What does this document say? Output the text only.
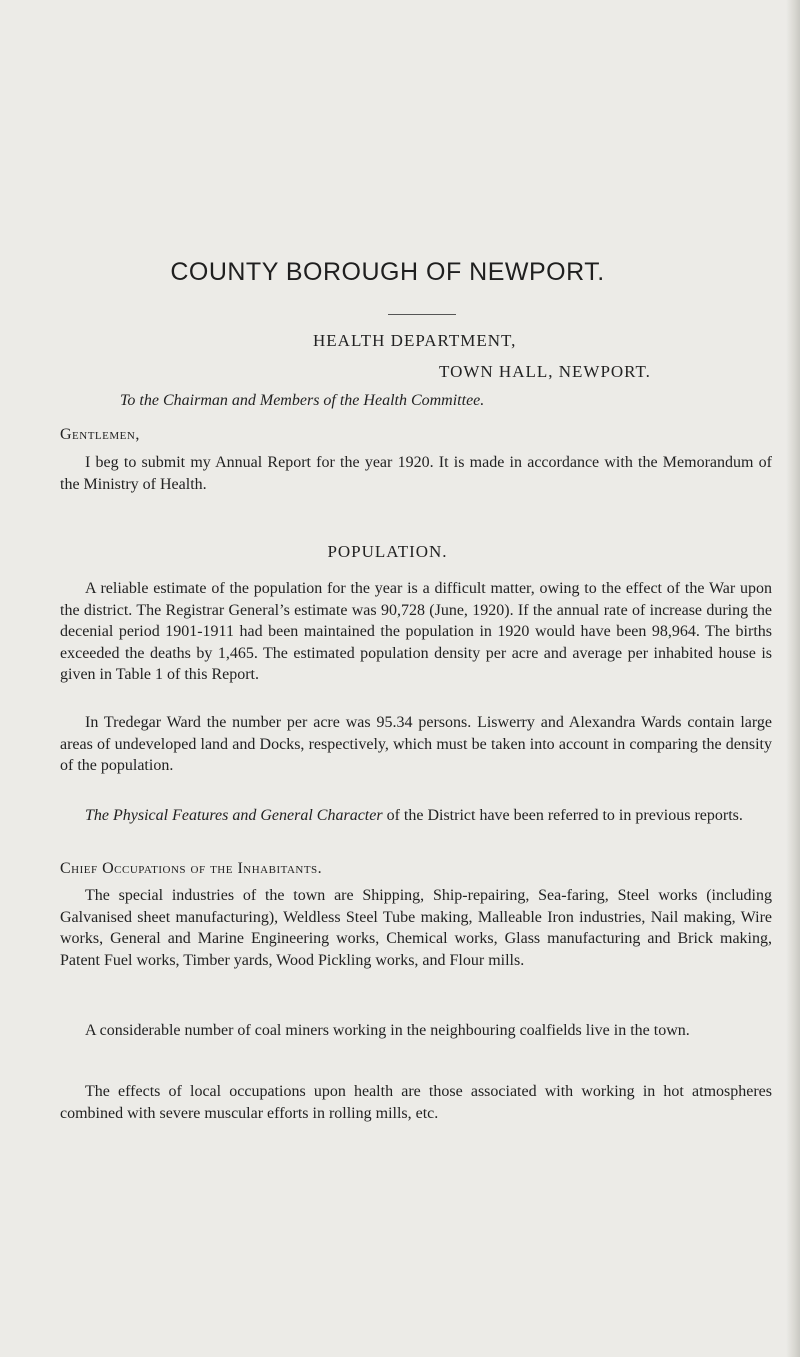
COUNTY BOROUGH OF NEWPORT.
HEALTH DEPARTMENT,
TOWN HALL, NEWPORT.
To the Chairman and Members of the Health Committee.
Gentlemen,

I beg to submit my Annual Report for the year 1920. It is made in accordance with the Memorandum of the Ministry of Health.

POPULATION.

A reliable estimate of the population for the year is a difficult matter, owing to the effect of the War upon the district. The Registrar General’s estimate was 90,728 (June, 1920). If the annual rate of increase during the decenial period 1901-1911 had been maintained the population in 1920 would have been 98,964. The births exceeded the deaths by 1,465. The estimated population density per acre and average per inhabited house is given in Table 1 of this Report.

In Tredegar Ward the number per acre was 95.34 persons. Liswerry and Alexandra Wards contain large areas of undeveloped land and Docks, respectively, which must be taken into account in comparing the density of the population.

The Physical Features and General Character of the District have been referred to in previous reports.

Chief Occupations of the Inhabitants.

The special industries of the town are Shipping, Ship-repairing, Sea-faring, Steel works (including Galvanised sheet manufacturing), Weldless Steel Tube making, Malleable Iron industries, Nail making, Wire works, General and Marine Engineering works, Chemical works, Glass manufacturing and Brick making, Patent Fuel works, Timber yards, Wood Pickling works, and Flour mills.

A considerable number of coal miners working in the neighbouring coalfields live in the town.

The effects of local occupations upon health are those associated with working in hot atmospheres combined with severe muscular efforts in rolling mills, etc.
